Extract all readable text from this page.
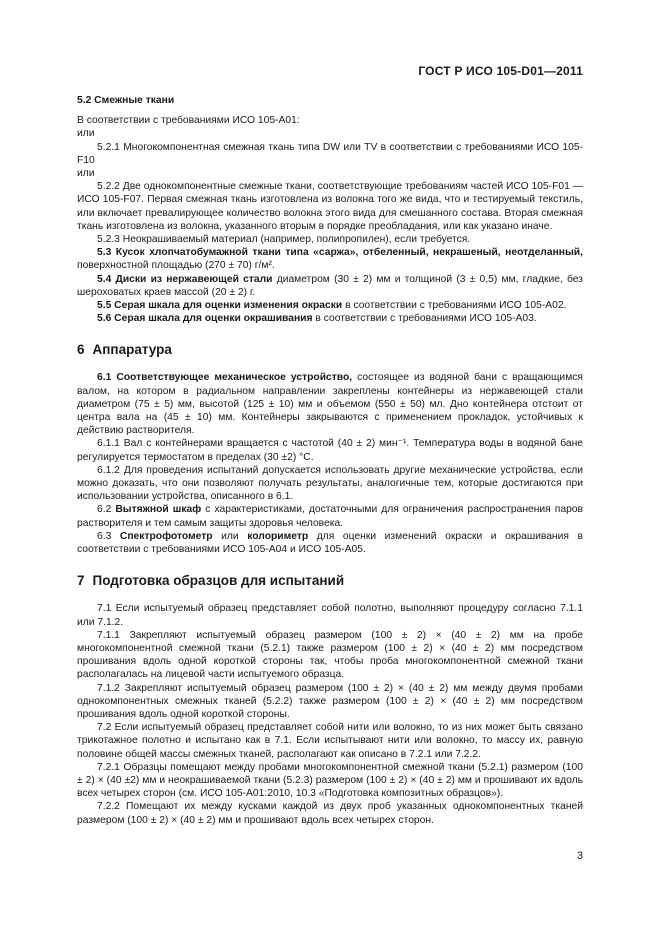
ГОСТ Р ИСО 105-D01—2011

5.2 Смежные ткани

В соответствии с требованиями ИСО 105-А01:

или

5.2.1 Многокомпонентная смежная ткань типа DW или TV в соответствии с требованиями ИСО 105-F10

или

5.2.2 Две однокомпонентные смежные ткани, соответствующие требованиям частей ИСО 105-F01 — ИСО 105-F07. Первая смежная ткань изготовлена из волокна того же вида, что и тестируемый текстиль, или включает превалирующее количество волокна этого вида для смешанного состава. Вторая смежная ткань изготовлена из волокна, указанного вторым в порядке преобладания, или как указано иначе.

5.2.3 Неокрашиваемый материал (например, полипропилен), если требуется.

5.3 Кусок хлопчатобумажной ткани типа «саржа», отбеленный, некрашеный, неотделанный, поверхностной площадью (270 ± 70) г/м².

5.4 Диски из нержавеющей стали диаметром (30 ± 2) мм и толщиной (3 ± 0,5) мм, гладкие, без шероховатых краев массой (20 ± 2) г.

5.5 Серая шкала для оценки изменения окраски в соответствии с требованиями ИСО 105-А02.

5.6 Серая шкала для оценки окрашивания в соответствии с требованиями ИСО 105-А03.

6 Аппаратура

6.1 Соответствующее механическое устройство, состоящее из водяной бани с вращающимся валом, на котором в радиальном направлении закреплены контейнеры из нержавеющей стали диаметром (75 ± 5) мм, высотой (125 ± 10) мм и объемом (550 ± 50) мл. Дно контейнера отстоит от центра вала на (45 ± 10) мм. Контейнеры закрываются с применением прокладок, устойчивых к действию растворителя.

6.1.1 Вал с контейнерами вращается с частотой (40 ± 2) мин⁻¹. Температура воды в водяной бане регулируется термостатом в пределах (30 ±2) °С.

6.1.2 Для проведения испытаний допускается использовать другие механические устройства, если можно доказать, что они позволяют получать результаты, аналогичные тем, которые достигаются при использовании устройства, описанного в 6.1.

6.2 Вытяжной шкаф с характеристиками, достаточными для ограничения распространения паров растворителя и тем самым защиты здоровья человека.

6.3 Спектрофотометр или колориметр для оценки изменений окраски и окрашивания в соответствии с требованиями ИСО 105-А04 и ИСО 105-А05.

7 Подготовка образцов для испытаний

7.1 Если испытуемый образец представляет собой полотно, выполняют процедуру согласно 7.1.1 или 7.1.2.

7.1.1 Закрепляют испытуемый образец размером (100 ± 2) × (40 ± 2) мм на пробе многокомпонентной смежной ткани (5.2.1) также размером (100 ± 2) × (40 ± 2) мм посредством прошивания вдоль одной короткой стороны так, чтобы проба многокомпонентной смежной ткани располагалась на лицевой части испытуемого образца.

7.1.2 Закрепляют испытуемый образец размером (100 ± 2) × (40 ± 2) мм между двумя пробами однокомпонентных смежных тканей (5.2.2) также размером (100 ± 2) × (40 ± 2) мм посредством прошивания вдоль одной короткой стороны.

7.2 Если испытуемый образец представляет собой нити или волокно, то из них может быть связано трикотажное полотно и испытано как в 7.1. Если испытывают нити или волокно, то массу их, равную половине общей массы смежных тканей, располагают как описано в 7.2.1 или 7.2.2.

7.2.1 Образцы помещают между пробами многокомпонентной смежной ткани (5.2.1) размером (100 ± 2) × (40 ±2) мм и неокрашиваемой ткани (5.2.3) размером (100 ± 2) × (40 ± 2) мм и прошивают их вдоль всех четырех сторон (см. ИСО 105-А01:2010, 10.3 «Подготовка композитных образцов»).

7.2.2 Помещают их между кусками каждой из двух проб указанных однокомпонентных тканей размером (100 ± 2) × (40 ± 2) мм и прошивают вдоль всех четырех сторон.

3
